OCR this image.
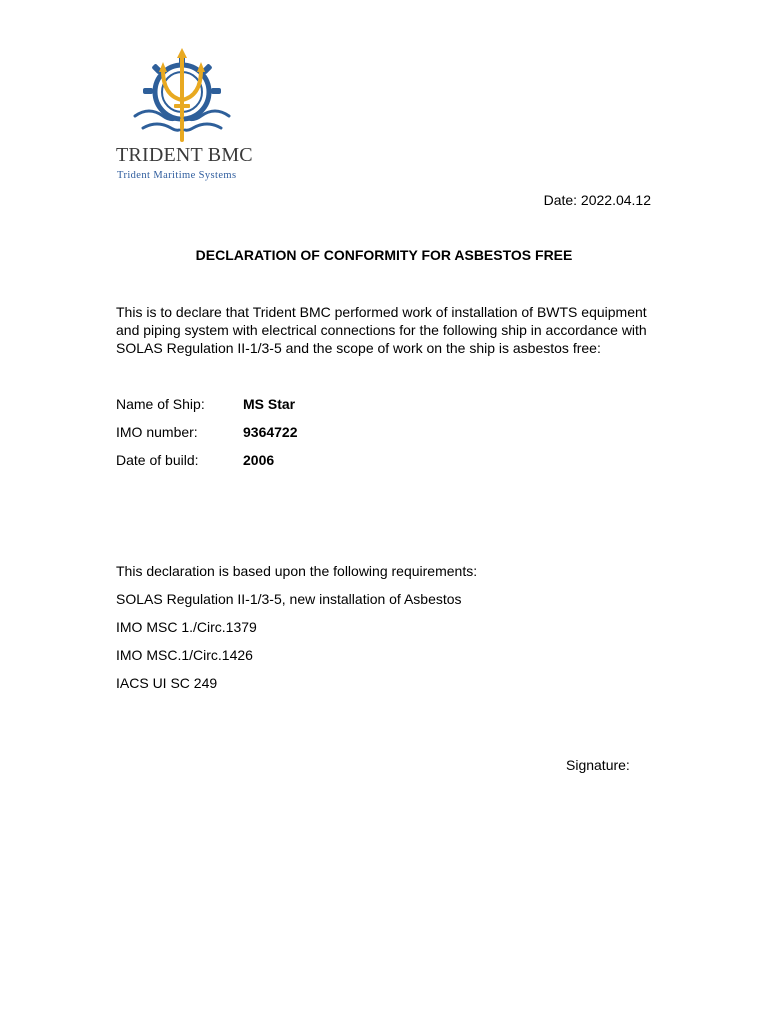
TRIDENT BMC
Trident Maritime Systems
Date: 2022.04.12
DECLARATION OF CONFORMITY FOR ASBESTOS FREE
This is to declare that Trident BMC performed work of installation of BWTS equipment and piping system with electrical connections for the following ship in accordance with SOLAS Regulation II-1/3-5 and the scope of work on the ship is asbestos free:
Name of Ship:	MS Star
IMO number:	9364722
Date of build:	2006
This declaration is based upon the following requirements:
SOLAS Regulation II-1/3-5, new installation of Asbestos
IMO MSC 1./Circ.1379
IMO MSC.1/Circ.1426
IACS UI SC 249
Signature:
